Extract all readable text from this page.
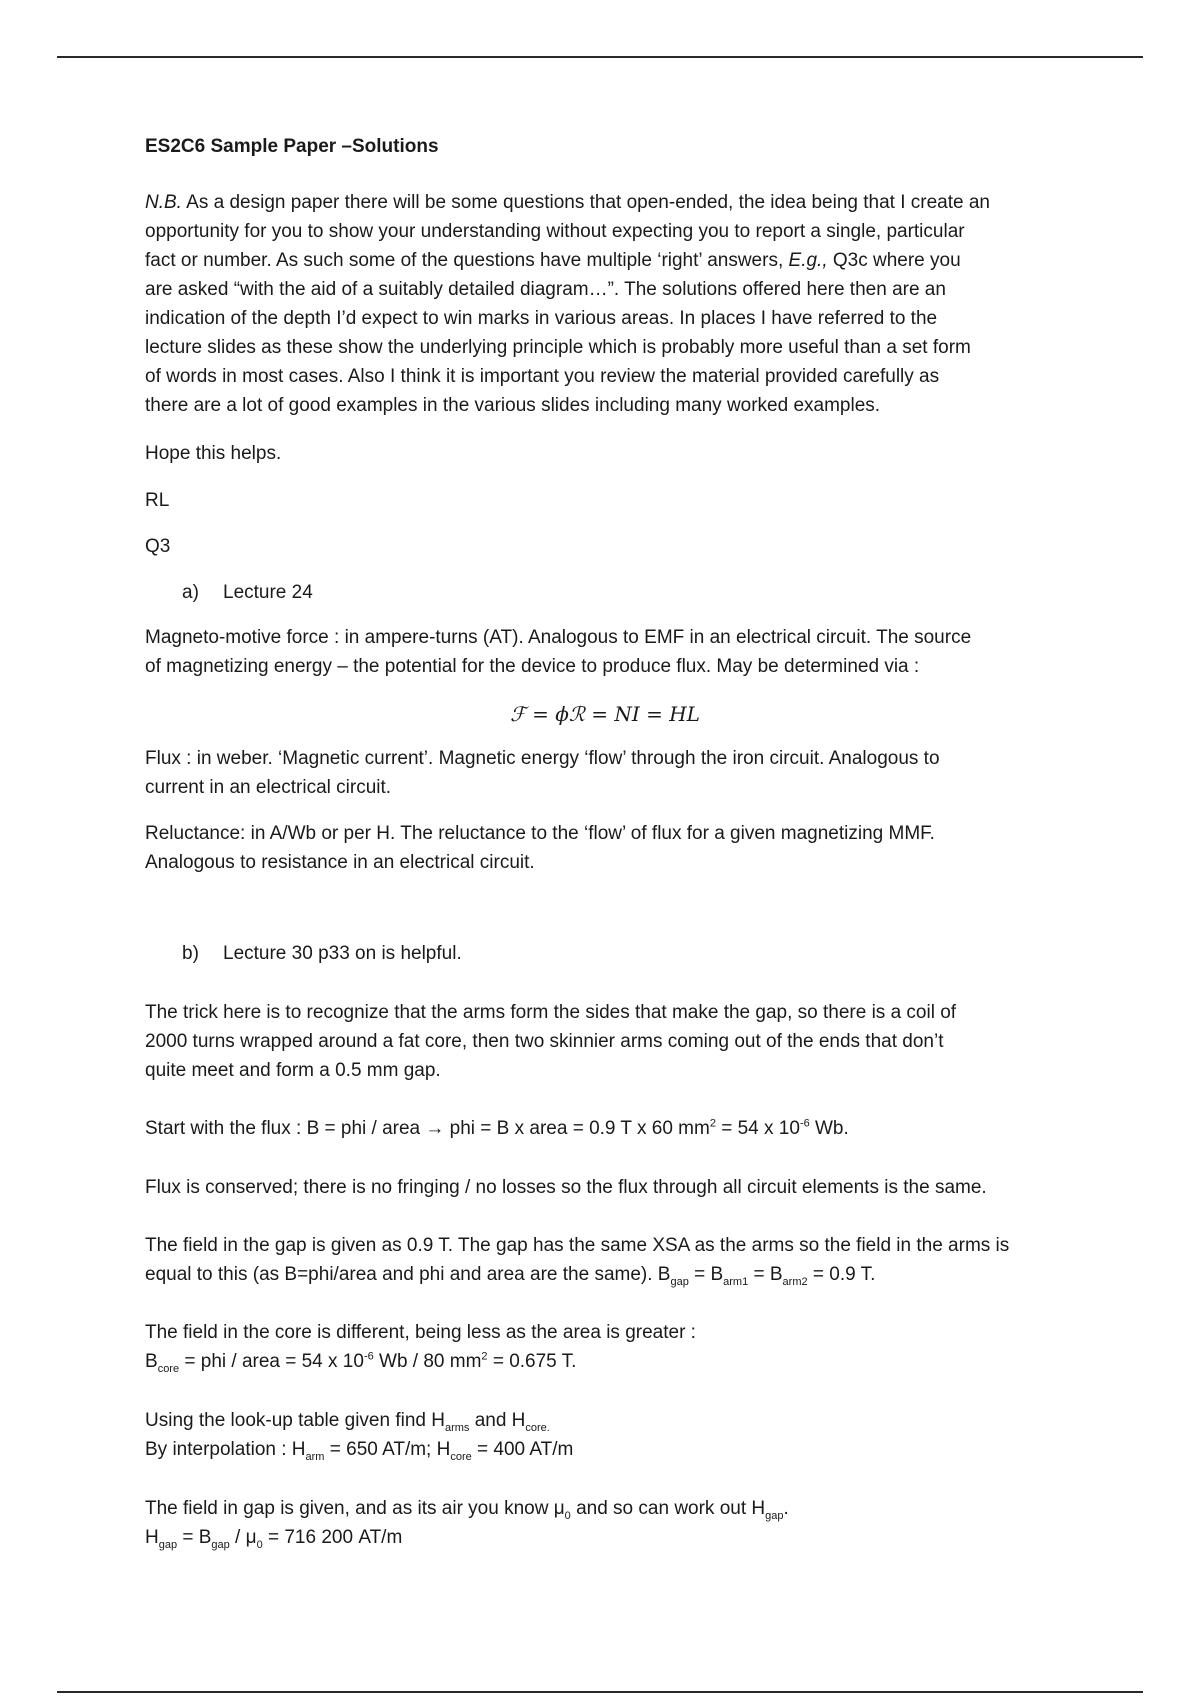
ES2C6 Sample Paper –Solutions
N.B. As a design paper there will be some questions that open-ended, the idea being that I create an
opportunity for you to show your understanding without expecting you to report a single, particular
fact or number. As such some of the questions have multiple ‘right’ answers, E.g., Q3c where you
are asked “with the aid of a suitably detailed diagram…”. The solutions offered here then are an
indication of the depth I’d expect to win marks in various areas. In places I have referred to the
lecture slides as these show the underlying principle which is probably more useful than a set form
of words in most cases. Also I think it is important you review the material provided carefully as
there are a lot of good examples in the various slides including many worked examples.
Hope this helps.
RL
Q3
a) Lecture 24
Magneto-motive force : in ampere-turns (AT). Analogous to EMF in an electrical circuit. The source
of magnetizing energy – the potential for the device to produce flux. May be determined via :
ℱ = ϕℛ = NI = HL
Flux : in weber. ‘Magnetic current’. Magnetic energy ‘flow’ through the iron circuit. Analogous to
current in an electrical circuit.
Reluctance: in A/Wb or per H. The reluctance to the ‘flow’ of flux for a given magnetizing MMF.
Analogous to resistance in an electrical circuit.
b) Lecture 30 p33 on is helpful.
The trick here is to recognize that the arms form the sides that make the gap, so there is a coil of
2000 turns wrapped around a fat core, then two skinnier arms coming out of the ends that don’t
quite meet and form a 0.5 mm gap.
Start with the flux : B = phi / area → phi = B x area = 0.9 T x 60 $mm^2 = 54$ x $10^{-6}$ Wb.
Flux is conserved; there is no fringing / no losses so the flux through all circuit elements is the same.
The field in the gap is given as 0.9 T. The gap has the same XSA as the arms so the field in the arms is
equal to this (as B=phi/area and phi and area are the same). $B_{gap} = B_{arm1} = B_{arm2} = 0.9$ T.
The field in the core is different, being less as the area is greater :
$B_{core}$ = phi / area = 54 x $10^{-6}$ Wb / 80 $mm^2 = 0.675$ T.
Using the look-up table given find $H_{arms}$ and $H_{core.}$
By interpolation : $H_{arm} = 650$ AT/m; $H_{core} = 400$ AT/m
The field in gap is given, and as its air you know $\mu_0$ and so can work out $H_{gap}$.
$H_{gap} = B_{gap} / \mu_0 = 716$ 200 AT/m
